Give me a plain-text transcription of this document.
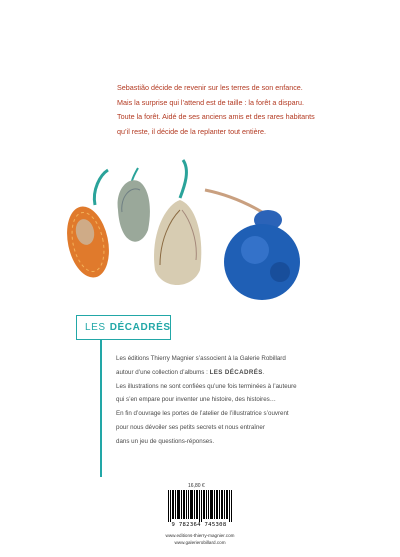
Sebastião décide de revenir sur les terres de son enfance.

Mais la surprise qui l’attend est de taille : la forêt a disparu.

Toute la forêt. Aidé de ses anciens amis et des rares habitants

qu’il reste, il décide de la replanter tout entière.

LES DÉCADRÉS

Les éditions Thierry Magnier s’associent à la Galerie Robillard

autour d’une collection d’albums : LES DÉCADRÉS.

Les illustrations ne sont confiées qu’une fois terminées à l’auteure

qui s’en empare pour inventer une histoire, des histoires…

En fin d’ouvrage les portes de l’atelier de l’illustratrice s’ouvrent

pour nous dévoiler ses petits secrets et nous entraîner

dans un jeu de questions-réponses.

16,80 €
9 782364 745308
www.editions-thierry-magnier.com
www.galerierobillard.com
